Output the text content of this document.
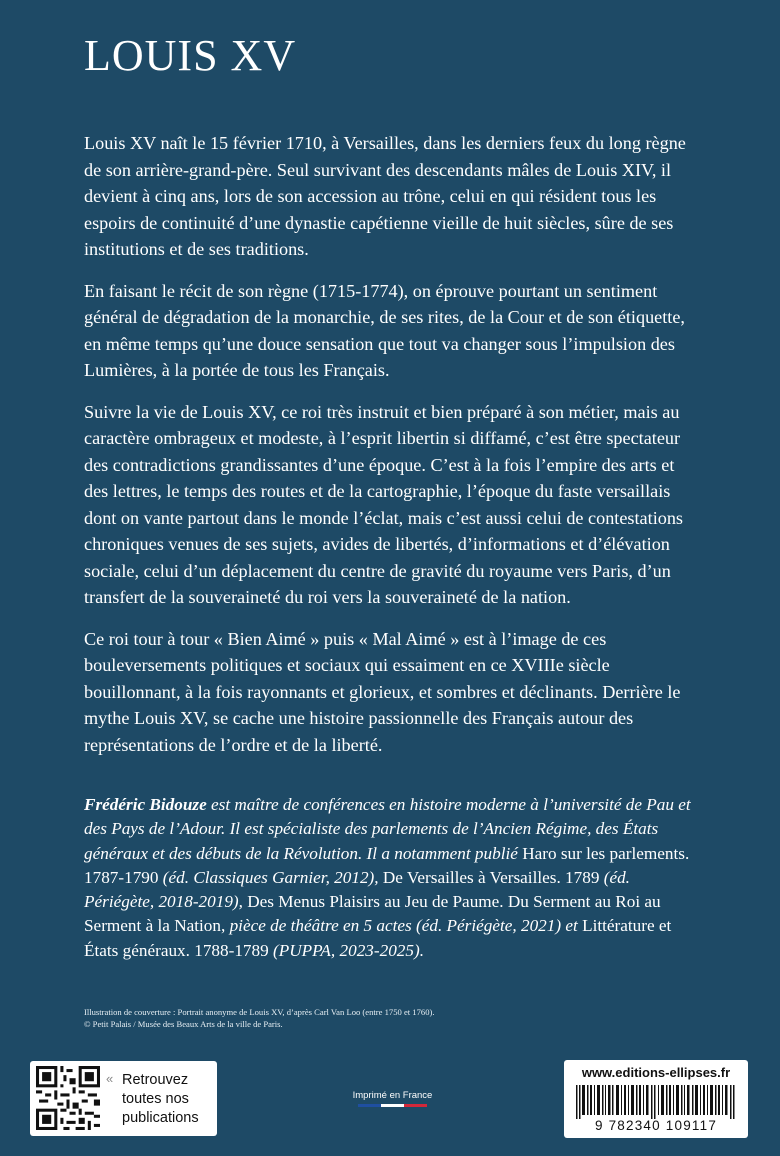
LOUIS XV

Louis XV naît le 15 février 1710, à Versailles, dans les derniers feux du long règne de son arrière-grand-père. Seul survivant des descendants mâles de Louis XIV, il devient à cinq ans, lors de son accession au trône, celui en qui résident tous les espoirs de continuité d’une dynastie capétienne vieille de huit siècles, sûre de ses institutions et de ses traditions.

En faisant le récit de son règne (1715-1774), on éprouve pourtant un sentiment général de dégradation de la monarchie, de ses rites, de la Cour et de son étiquette, en même temps qu’une douce sensation que tout va changer sous l’impulsion des Lumières, à la portée de tous les Français.

Suivre la vie de Louis XV, ce roi très instruit et bien préparé à son métier, mais au caractère ombrageux et modeste, à l’esprit libertin si diffamé, c’est être spectateur des contradictions grandissantes d’une époque. C’est à la fois l’empire des arts et des lettres, le temps des routes et de la cartographie, l’époque du faste versaillais dont on vante partout dans le monde l’éclat, mais c’est aussi celui de contestations chroniques venues de ses sujets, avides de libertés, d’informations et d’élévation sociale, celui d’un déplacement du centre de gravité du royaume vers Paris, d’un transfert de la souveraineté du roi vers la souveraineté de la nation.

Ce roi tour à tour « Bien Aimé » puis « Mal Aimé » est à l’image de ces bouleversements politiques et sociaux qui essaiment en ce XVIIIe siècle bouillonnant, à la fois rayonnants et glorieux, et sombres et déclinants. Derrière le mythe Louis XV, se cache une histoire passionnelle des Français autour des représentations de l’ordre et de la liberté.

Frédéric Bidouze est maître de conférences en histoire moderne à l’université de Pau et des Pays de l’Adour. Il est spécialiste des parlements de l’Ancien Régime, des États généraux et des débuts de la Révolution. Il a notamment publié Haro sur les parlements. 1787-1790 (éd. Classiques Garnier, 2012), De Versailles à Versailles. 1789 (éd. Périégète, 2018-2019), Des Menus Plaisirs au Jeu de Paume. Du Serment au Roi au Serment à la Nation, pièce de théâtre en 5 actes (éd. Périégète, 2021) et Littérature et États généraux. 1788-1789 (PUPPA, 2023-2025).
Illustration de couverture : Portrait anonyme de Louis XV, d’après Carl Van Loo (entre 1750 et 1760).
© Petit Palais / Musée des Beaux Arts de la ville de Paris.
« Retrouvez
toutes nos
publications
Imprimé en France
www.editions-ellipses.fr
9 782340 109117
